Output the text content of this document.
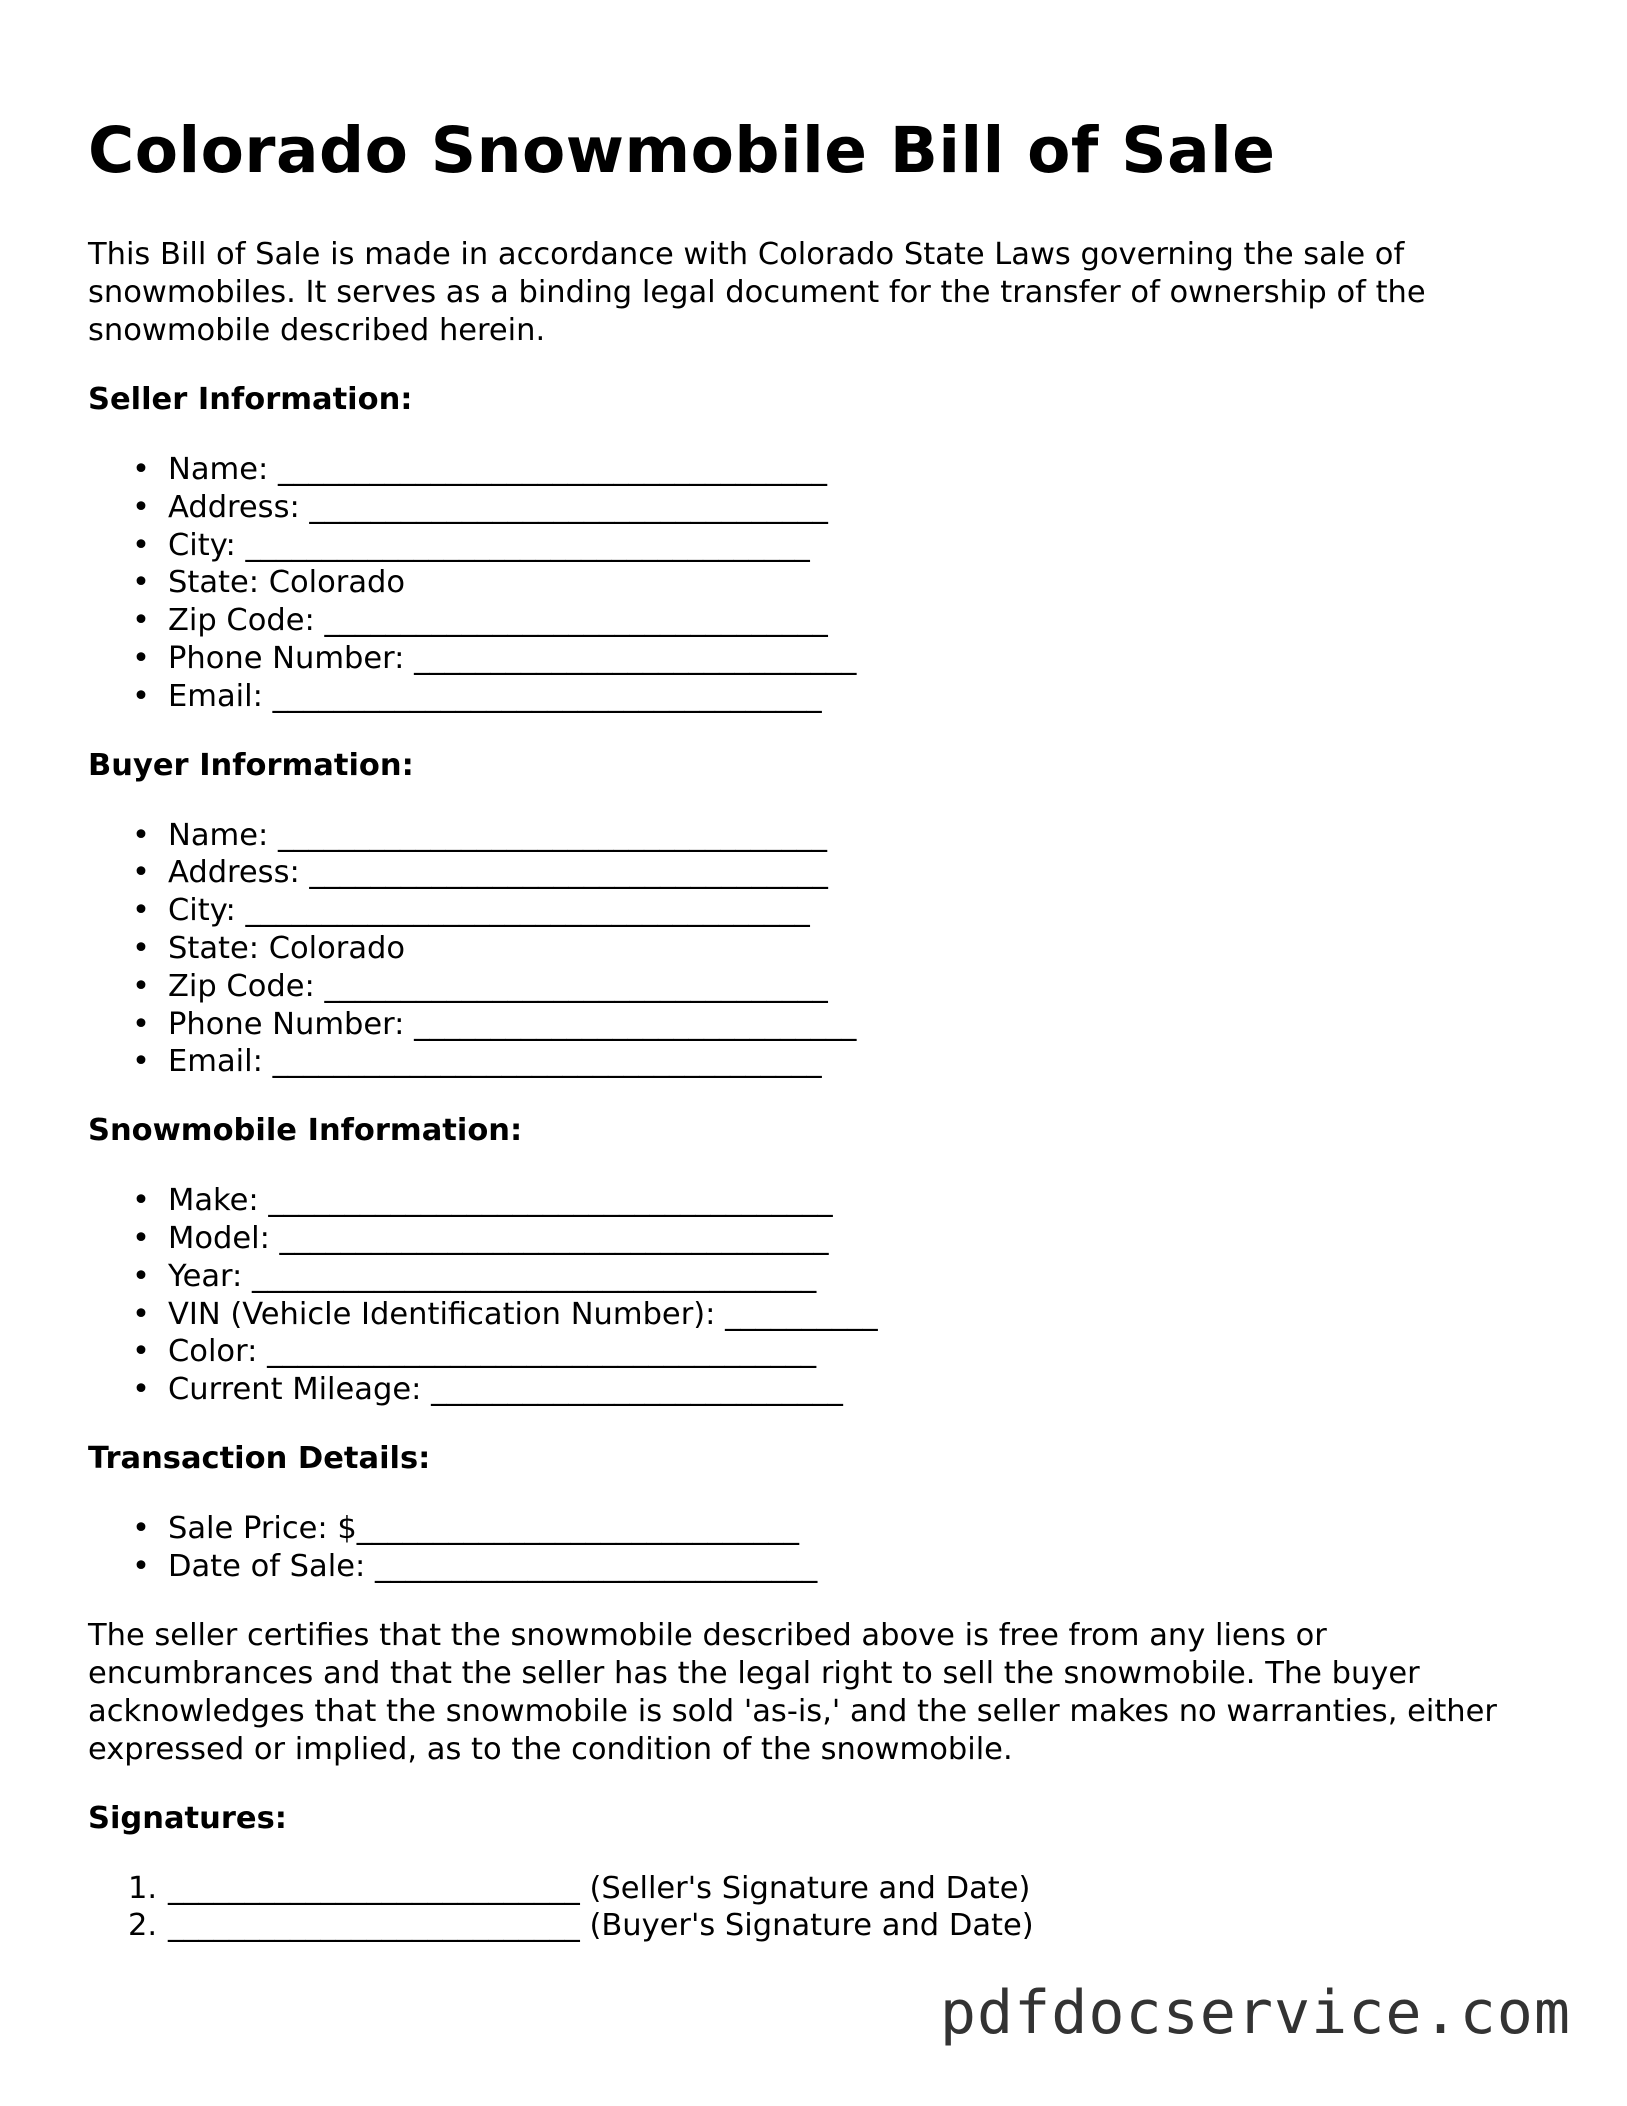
Colorado Snowmobile Bill of Sale

This Bill of Sale is made in accordance with Colorado State Laws governing the sale of snowmobiles. It serves as a binding legal document for the transfer of ownership of the snowmobile described herein.

Seller Information:
• Name: ____________________________________
• Address: __________________________________
• City: _____________________________________
• State: Colorado
• Zip Code: _________________________________
• Phone Number: _____________________________
• Email: ____________________________________
Buyer Information:
• Name: ____________________________________
• Address: __________________________________
• City: _____________________________________
• State: Colorado
• Zip Code: _________________________________
• Phone Number: _____________________________
• Email: ____________________________________
Snowmobile Information:
• Make: _____________________________________
• Model: ____________________________________
• Year: _____________________________________
• VIN (Vehicle Identification Number): __________
• Color: ____________________________________
• Current Mileage: ___________________________
Transaction Details:
• Sale Price: $_____________________________
• Date of Sale: _____________________________

The seller certifies that the snowmobile described above is free from any liens or encumbrances and that the seller has the legal right to sell the snowmobile. The buyer acknowledges that the snowmobile is sold 'as-is,' and the seller makes no warranties, either expressed or implied, as to the condition of the snowmobile.

Signatures:
1. ___________________________ (Seller's Signature and Date)
2. ___________________________ (Buyer's Signature and Date)
pdfdocservice.com
